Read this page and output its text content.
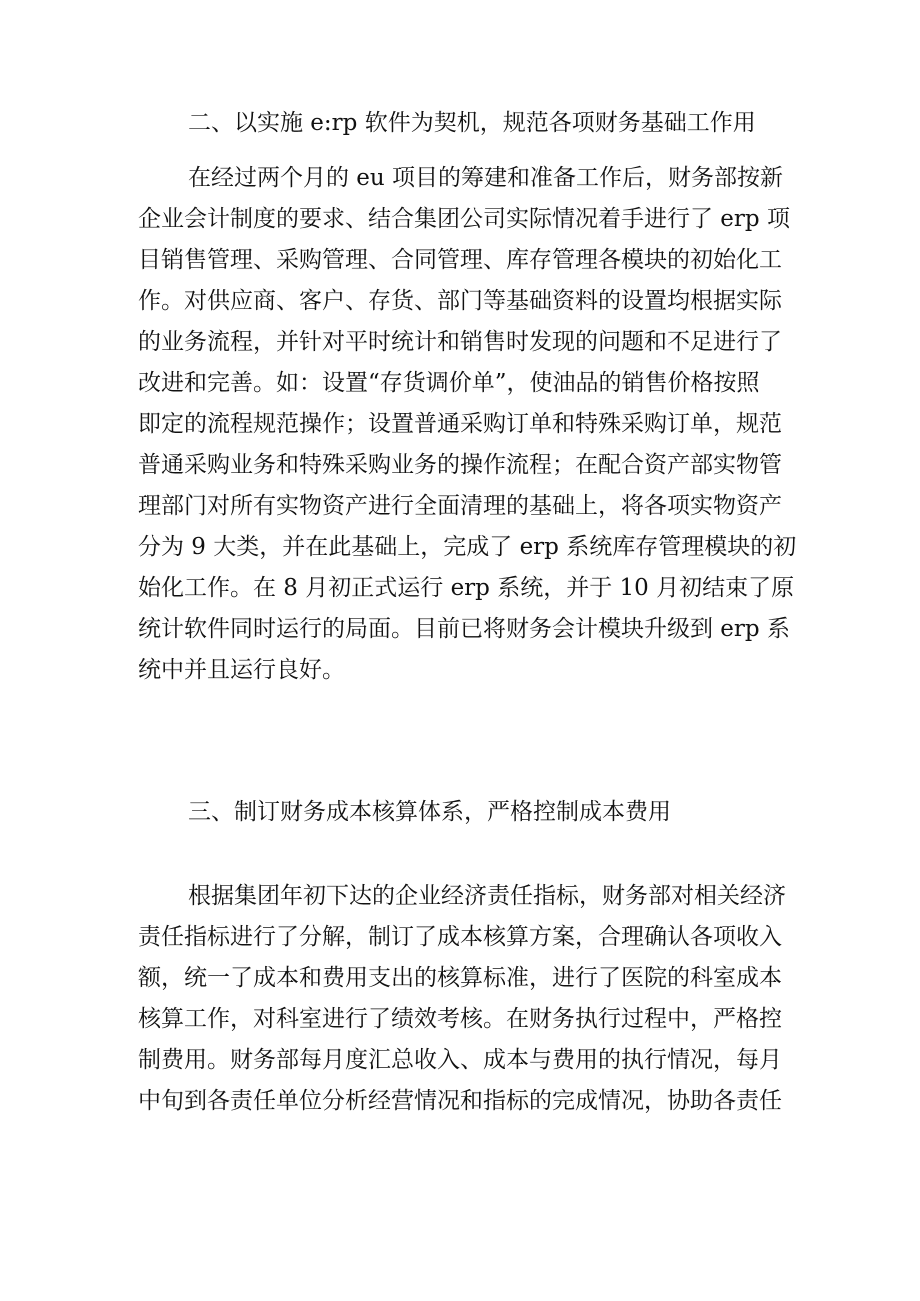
二、以实施 e:rp 软件为契机，规范各项财务基础工作用
在经过两个月的 eu 项目的筹建和准备工作后，财务部按新
企业会计制度的要求、结合集团公司实际情况着手进行了 erp 项
目销售管理、采购管理、合同管理、库存管理各模块的初始化工
作。对供应商、客户、存货、部门等基础资料的设置均根据实际
的业务流程，并针对平时统计和销售时发现的问题和不足进行了
改进和完善。如：设置“存货调价单”，使油品的销售价格按照
即定的流程规范操作；设置普通采购订单和特殊采购订单，规范
普通采购业务和特殊采购业务的操作流程；在配合资产部实物管
理部门对所有实物资产进行全面清理的基础上，将各项实物资产
分为 9 大类，并在此基础上，完成了 erp 系统库存管理模块的初
始化工作。在 8 月初正式运行 erp 系统，并于 10 月初结束了原
统计软件同时运行的局面。目前已将财务会计模块升级到 erp 系
统中并且运行良好。
三、制订财务成本核算体系，严格控制成本费用
根据集团年初下达的企业经济责任指标，财务部对相关经济
责任指标进行了分解，制订了成本核算方案，合理确认各项收入
额，统一了成本和费用支出的核算标准，进行了医院的科室成本
核算工作，对科室进行了绩效考核。在财务执行过程中，严格控
制费用。财务部每月度汇总收入、成本与费用的执行情况，每月
中旬到各责任单位分析经营情况和指标的完成情况，协助各责任
